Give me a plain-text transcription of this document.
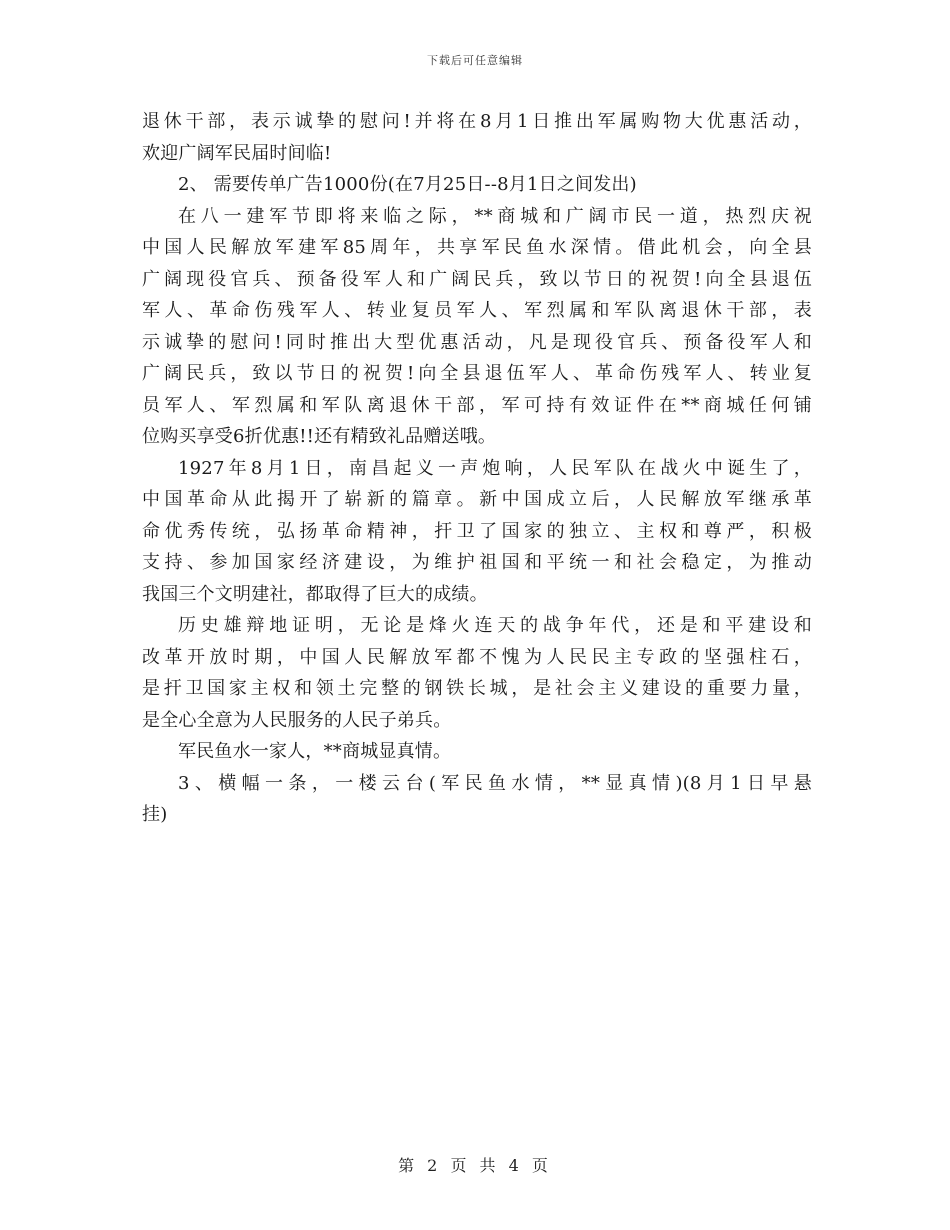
下载后可任意编辑
退休干部，表示诚挚的慰问!并将在8月1日推出军属购物大优惠活动，
欢迎广阔军民届时间临!
2、 需要传单广告1000份(在7月25日--8月1日之间发出)
在八一建军节即将来临之际，**商城和广阔市民一道，热烈庆祝
中国人民解放军建军85周年，共享军民鱼水深情。借此机会，向全县
广阔现役官兵、预备役军人和广阔民兵，致以节日的祝贺!向全县退伍
军人、革命伤残军人、转业复员军人、军烈属和军队离退休干部，表
示诚挚的慰问!同时推出大型优惠活动，凡是现役官兵、预备役军人和
广阔民兵，致以节日的祝贺!向全县退伍军人、革命伤残军人、转业复
员军人、军烈属和军队离退休干部，军可持有效证件在**商城任何铺
位购买享受6折优惠!!还有精致礼品赠送哦。
1927年8月1日，南昌起义一声炮响，人民军队在战火中诞生了，
中国革命从此揭开了崭新的篇章。新中国成立后，人民解放军继承革
命优秀传统，弘扬革命精神，扞卫了国家的独立、主权和尊严，积极
支持、参加国家经济建设，为维护祖国和平统一和社会稳定，为推动
我国三个文明建社，都取得了巨大的成绩。
历史雄辩地证明，无论是烽火连天的战争年代，还是和平建设和
改革开放时期，中国人民解放军都不愧为人民民主专政的坚强柱石，
是扞卫国家主权和领土完整的钢铁长城，是社会主义建设的重要力量，
是全心全意为人民服务的人民子弟兵。
军民鱼水一家人，**商城显真情。
3、横幅一条，一楼云台(军民鱼水情，**显真情)(8月1日早悬
挂)
第 2 页 共 4 页
